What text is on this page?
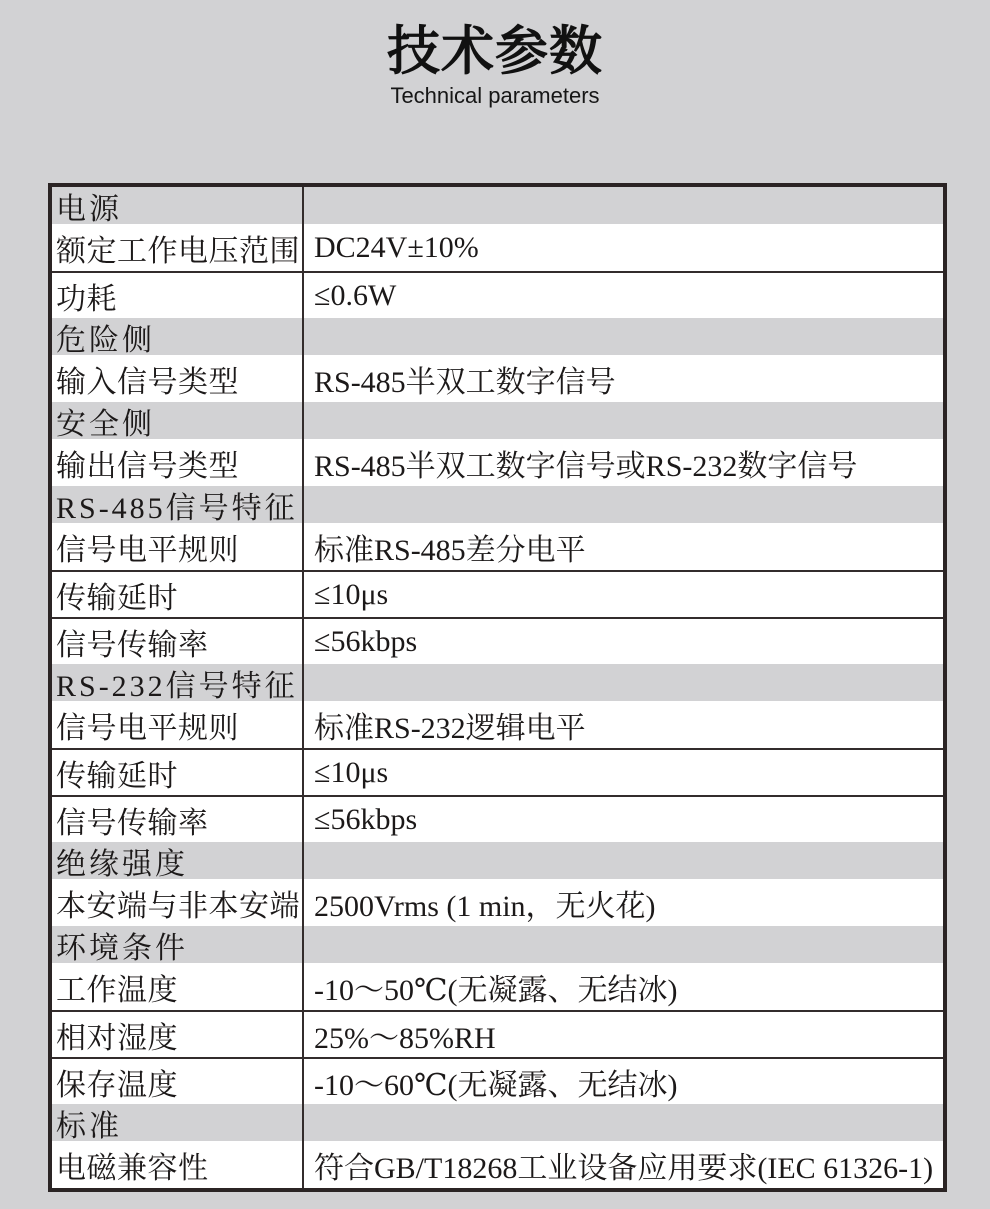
技术参数
Technical parameters
电源
额定工作电压范围 DC24V±10%
功耗	≤0.6W
危险侧
输入信号类型	RS-485半双工数字信号
安全侧
输出信号类型	RS-485半双工数字信号或RS-232数字信号
RS-485信号特征
信号电平规则	标准RS-485差分电平
传输延时	≤10μs
信号传输率	≤56kbps
RS-232信号特征
信号电平规则	标准RS-232逻辑电平
传输延时	≤10μs
信号传输率	≤56kbps
绝缘强度
本安端与非本安端 2500Vrms (1 min，无火花)
环境条件
工作温度	-10～50℃(无凝露、无结冰)
相对湿度	25%～85%RH
保存温度	-10～60℃(无凝露、无结冰)
标准
电磁兼容性	符合GB/T18268工业设备应用要求(IEC 61326-1)
